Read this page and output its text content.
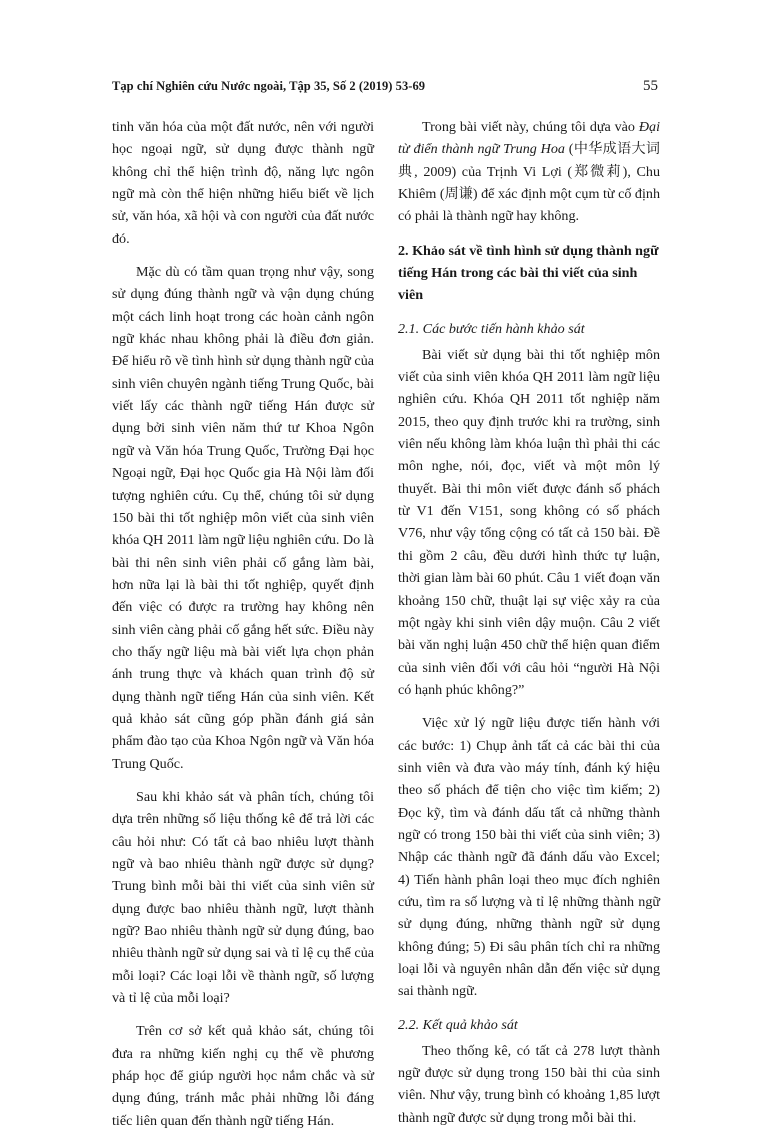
Tạp chí Nghiên cứu Nước ngoài, Tập 35, Số 2 (2019) 53-69	55

tinh văn hóa của một đất nước, nên với người học ngoại ngữ, sử dụng được thành ngữ không chỉ thể hiện trình độ, năng lực ngôn ngữ mà còn thể hiện những hiểu biết về lịch sử, văn hóa, xã hội và con người của đất nước đó.

Mặc dù có tầm quan trọng như vậy, song sử dụng đúng thành ngữ và vận dụng chúng một cách linh hoạt trong các hoàn cảnh ngôn ngữ khác nhau không phải là điều đơn giản. Để hiểu rõ về tình hình sử dụng thành ngữ của sinh viên chuyên ngành tiếng Trung Quốc, bài viết lấy các thành ngữ tiếng Hán được sử dụng bởi sinh viên năm thứ tư Khoa Ngôn ngữ và Văn hóa Trung Quốc, Trường Đại học Ngoại ngữ, Đại học Quốc gia Hà Nội làm đối tượng nghiên cứu. Cụ thể, chúng tôi sử dụng 150 bài thi tốt nghiệp môn viết của sinh viên khóa QH 2011 làm ngữ liệu nghiên cứu. Do là bài thi nên sinh viên phải cố gắng làm bài, hơn nữa lại là bài thi tốt nghiệp, quyết định đến việc có được ra trường hay không nên sinh viên càng phải cố gắng hết sức. Điều này cho thấy ngữ liệu mà bài viết lựa chọn phản ánh trung thực và khách quan trình độ sử dụng thành ngữ tiếng Hán của sinh viên. Kết quả khảo sát cũng góp phần đánh giá sản phẩm đào tạo của Khoa Ngôn ngữ và Văn hóa Trung Quốc.

Sau khi khảo sát và phân tích, chúng tôi dựa trên những số liệu thống kê để trả lời các câu hỏi như: Có tất cả bao nhiêu lượt thành ngữ và bao nhiêu thành ngữ được sử dụng? Trung bình mỗi bài thi viết của sinh viên sử dụng được bao nhiêu thành ngữ, lượt thành ngữ? Bao nhiêu thành ngữ sử dụng đúng, bao nhiêu thành ngữ sử dụng sai và tỉ lệ cụ thể của mỗi loại? Các loại lỗi về thành ngữ, số lượng và tỉ lệ của mỗi loại?

Trên cơ sở kết quả khảo sát, chúng tôi đưa ra những kiến nghị cụ thể về phương pháp học để giúp người học nắm chắc và sử dụng đúng, tránh mắc phải những lỗi đáng tiếc liên quan đến thành ngữ tiếng Hán.

Trong bài viết này, chúng tôi dựa vào Đại từ điển thành ngữ Trung Hoa (中华成语大词典, 2009) của Trịnh Vi Lợi (郑微莉), Chu Khiêm (周谦) để xác định một cụm từ cố định có phải là thành ngữ hay không.

2. Khảo sát về tình hình sử dụng thành ngữ tiếng Hán trong các bài thi viết của sinh viên
2.1. Các bước tiến hành khảo sát

Bài viết sử dụng bài thi tốt nghiệp môn viết của sinh viên khóa QH 2011 làm ngữ liệu nghiên cứu. Khóa QH 2011 tốt nghiệp năm 2015, theo quy định trước khi ra trường, sinh viên nếu không làm khóa luận thì phải thi các môn nghe, nói, đọc, viết và một môn lý thuyết. Bài thi môn viết được đánh số phách từ V1 đến V151, song không có số phách V76, như vậy tổng cộng có tất cả 150 bài. Đề thi gồm 2 câu, đều dưới hình thức tự luận, thời gian làm bài 60 phút. Câu 1 viết đoạn văn khoảng 150 chữ, thuật lại sự việc xảy ra của một ngày khi sinh viên dậy muộn. Câu 2 viết bài văn nghị luận 450 chữ thể hiện quan điểm của sinh viên đối với câu hỏi “người Hà Nội có hạnh phúc không?”

Việc xử lý ngữ liệu được tiến hành với các bước: 1) Chụp ảnh tất cả các bài thi của sinh viên và đưa vào máy tính, đánh ký hiệu theo số phách để tiện cho việc tìm kiếm; 2) Đọc kỹ, tìm và đánh dấu tất cả những thành ngữ có trong 150 bài thi viết của sinh viên; 3) Nhập các thành ngữ đã đánh dấu vào Excel; 4) Tiến hành phân loại theo mục đích nghiên cứu, tìm ra số lượng và tỉ lệ những thành ngữ sử dụng đúng, những thành ngữ sử dụng không đúng; 5) Đi sâu phân tích chỉ ra những loại lỗi và nguyên nhân dẫn đến việc sử dụng sai thành ngữ.

2.2. Kết quả khảo sát

Theo thống kê, có tất cả 278 lượt thành ngữ được sử dụng trong 150 bài thi của sinh viên. Như vậy, trung bình có khoảng 1,85 lượt thành ngữ được sử dụng trong mỗi bài thi.
